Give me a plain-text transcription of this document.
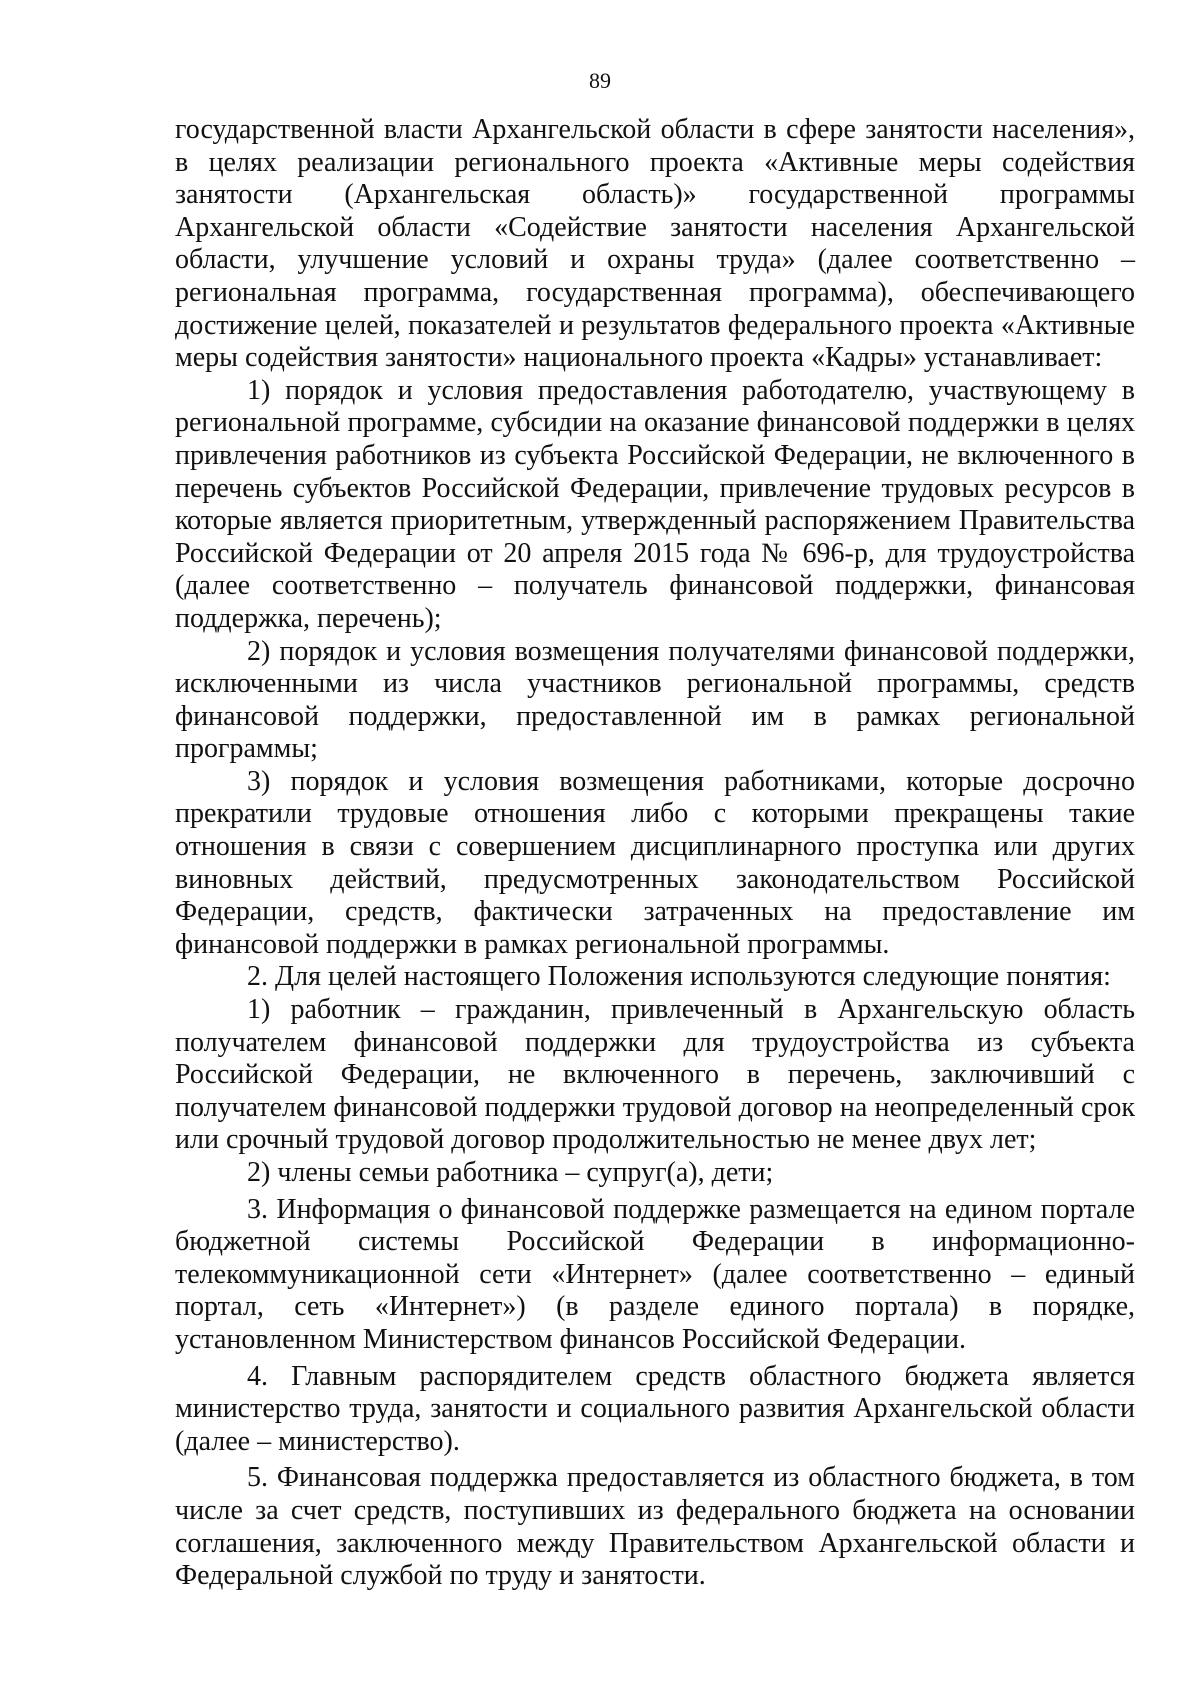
89

государственной власти Архангельской области в сфере занятости населения», в целях реализации регионального проекта «Активные меры содействия занятости (Архангельская область)» государственной программы Архангельской области «Содействие занятости населения Архангельской области, улучшение условий и охраны труда» (далее соответственно – региональная программа, государственная программа), обеспечивающего достижение целей, показателей и результатов федерального проекта «Активные меры содействия занятости» национального проекта «Кадры» устанавливает:

1) порядок и условия предоставления работодателю, участвующему в региональной программе, субсидии на оказание финансовой поддержки в целях привлечения работников из субъекта Российской Федерации, не включенного в перечень субъектов Российской Федерации, привлечение трудовых ресурсов в которые является приоритетным, утвержденный распоряжением Правительства Российской Федерации от 20 апреля 2015 года № 696-р, для трудоустройства (далее соответственно – получатель финансовой поддержки, финансовая поддержка, перечень);

2) порядок и условия возмещения получателями финансовой поддержки, исключенными из числа участников региональной программы, средств финансовой поддержки, предоставленной им в рамках региональной программы;

3) порядок и условия возмещения работниками, которые досрочно прекратили трудовые отношения либо с которыми прекращены такие отношения в связи с совершением дисциплинарного проступка или других виновных действий, предусмотренных законодательством Российской Федерации, средств, фактически затраченных на предоставление им финансовой поддержки в рамках региональной программы.

2. Для целей настоящего Положения используются следующие понятия:

1) работник – гражданин, привлеченный в Архангельскую область получателем финансовой поддержки для трудоустройства из субъекта Российской Федерации, не включенного в перечень, заключивший с получателем финансовой поддержки трудовой договор на неопределенный срок или срочный трудовой договор продолжительностью не менее двух лет;

2) члены семьи работника – супруг(а), дети;

3. Информация о финансовой поддержке размещается на едином портале бюджетной системы Российской Федерации в информационно-телекоммуникационной сети «Интернет» (далее соответственно – единый портал, сеть «Интернет») (в разделе единого портала) в порядке, установленном Министерством финансов Российской Федерации.

4. Главным распорядителем средств областного бюджета является министерство труда, занятости и социального развития Архангельской области (далее – министерство).

5. Финансовая поддержка предоставляется из областного бюджета, в том числе за счет средств, поступивших из федерального бюджета на основании соглашения, заключенного между Правительством Архангельской области и Федеральной службой по труду и занятости.
